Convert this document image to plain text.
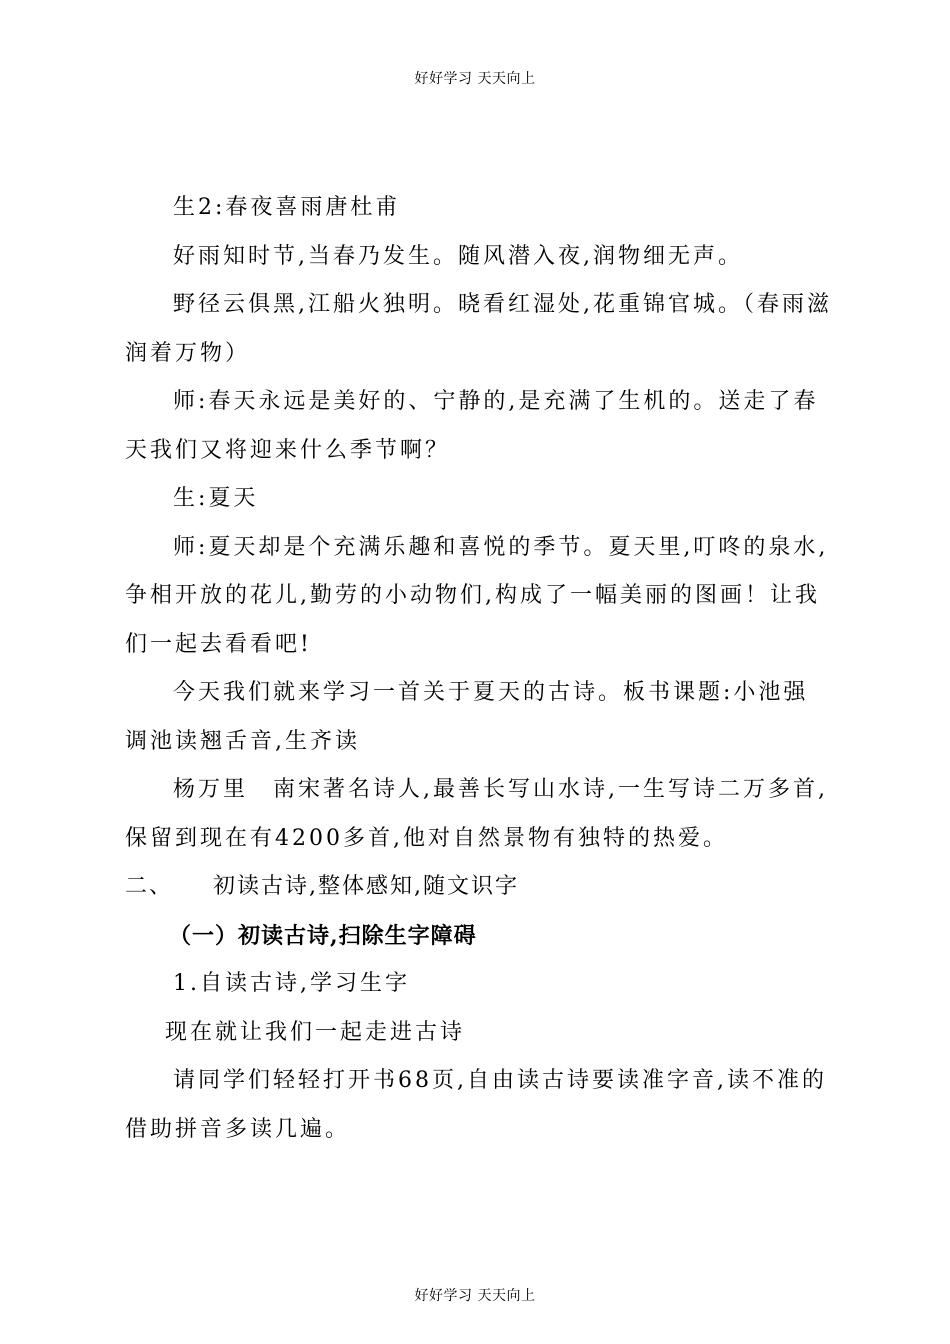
好好学习 天天向上

生2:春夜喜雨唐杜甫

好雨知时节,当春乃发生。随风潜入夜,润物细无声。

野径云俱黑,江船火独明。晓看红湿处,花重锦官城。（春雨滋润着万物）

师:春天永远是美好的、宁静的,是充满了生机的。送走了春天我们又将迎来什么季节啊？

生:夏天

师:夏天却是个充满乐趣和喜悦的季节。夏天里,叮咚的泉水,争相开放的花儿,勤劳的小动物们,构成了一幅美丽的图画！让我们一起去看看吧!

今天我们就来学习一首关于夏天的古诗。板书课题:小池强调池读翘舌音,生齐读

杨万里　南宋著名诗人,最善长写山水诗,一生写诗二万多首,保留到现在有4200多首,他对自然景物有独特的热爱。

二、 初读古诗,整体感知,随文识字

（一）初读古诗,扫除生字障碍

1.自读古诗,学习生字

现在就让我们一起走进古诗

请同学们轻轻打开书68页,自由读古诗要读准字音,读不准的借助拼音多读几遍。

好好学习 天天向上
